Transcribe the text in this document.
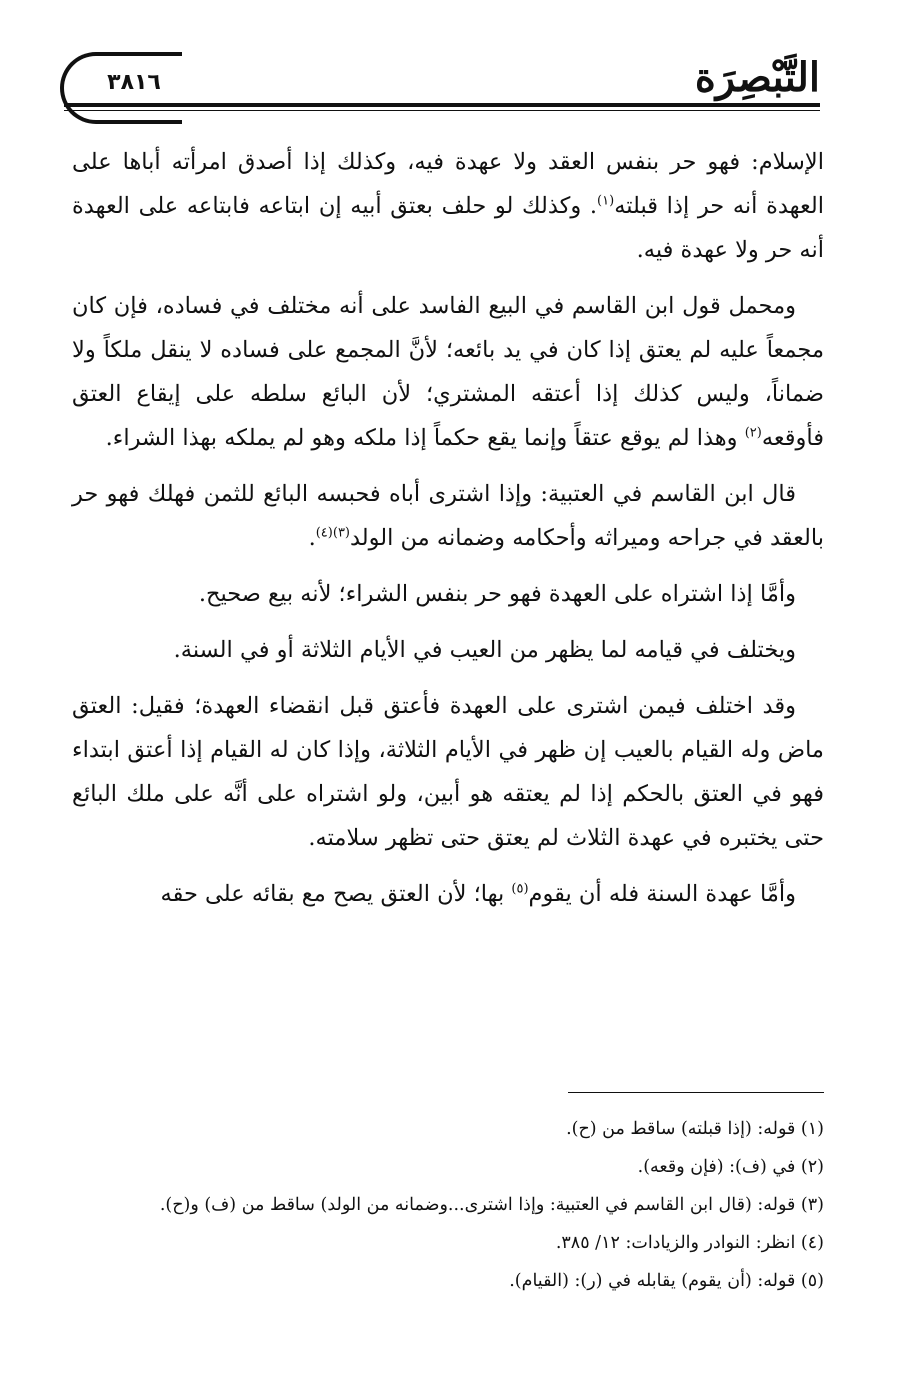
٣٨١٦	التَّبْصِرَة

الإسلام: فهو حر بنفس العقد ولا عهدة فيه، وكذلك إذا أصدق امرأته أباها على العهدة أنه حر إذا قبلته$^{(١)}$. وكذلك لو حلف بعتق أبيه إن ابتاعه فابتاعه على العهدة أنه حر ولا عهدة فيه.

ومحمل قول ابن القاسم في البيع الفاسد على أنه مختلف في فساده، فإن كان مجمعاً عليه لم يعتق إذا كان في يد بائعه؛ لأنَّ المجمع على فساده لا ينقل ملكاً ولا ضماناً، وليس كذلك إذا أعتقه المشتري؛ لأن البائع سلطه على إيقاع العتق فأوقعه$^{(٢)}$ وهذا لم يوقع عتقاً وإنما يقع حكماً إذا ملكه وهو لم يملكه بهذا الشراء.

قال ابن القاسم في العتبية: وإذا اشترى أباه فحبسه البائع للثمن فهلك فهو حر بالعقد في جراحه وميراثه وأحكامه وضمانه من الولد$^{(٣)(٤)}$.

وأمَّا إذا اشتراه على العهدة فهو حر بنفس الشراء؛ لأنه بيع صحيح.

ويختلف في قيامه لما يظهر من العيب في الأيام الثلاثة أو في السنة.

وقد اختلف فيمن اشترى على العهدة فأعتق قبل انقضاء العهدة؛ فقيل: العتق ماض وله القيام بالعيب إن ظهر في الأيام الثلاثة، وإذا كان له القيام إذا أعتق ابتداء فهو في العتق بالحكم إذا لم يعتقه هو أبين، ولو اشتراه على أنَّه على ملك البائع حتى يختبره في عهدة الثلاث لم يعتق حتى تظهر سلامته.

وأمَّا عهدة السنة فله أن يقوم$^{(٥)}$ بها؛ لأن العتق يصح مع بقائه على حقه

(١) قوله: (إذا قبلته) ساقط من (ح).
(٢) في (ف): (فإن وقعه).
(٣) قوله: (قال ابن القاسم في العتبية: وإذا اشترى...وضمانه من الولد) ساقط من (ف) و(ح).
(٤) انظر: النوادر والزيادات: ١٢/ ٣٨٥.
(٥) قوله: (أن يقوم) يقابله في (ر): (القيام).
